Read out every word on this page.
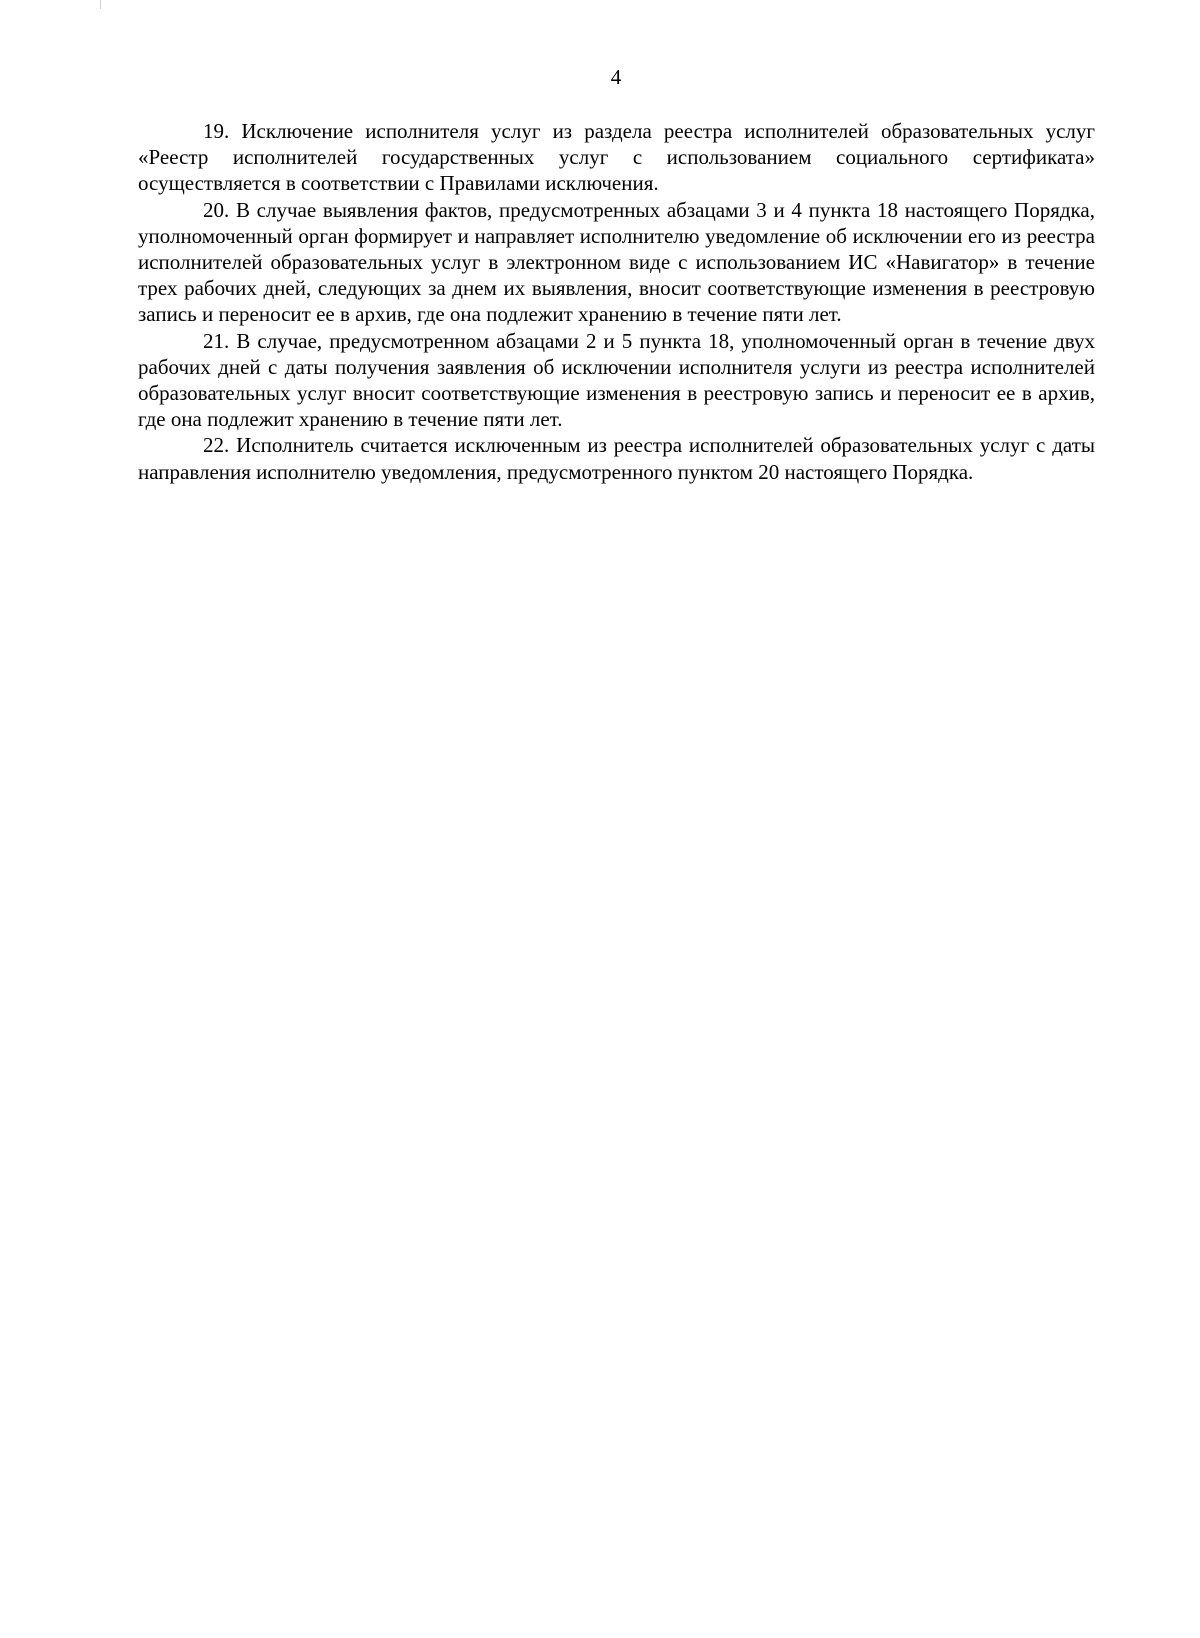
4

19. Исключение исполнителя услуг из раздела реестра исполнителей образовательных услуг «Реестр исполнителей государственных услуг с использованием социального сертификата» осуществляется в соответствии с Правилами исключения.

20. В случае выявления фактов, предусмотренных абзацами 3 и 4 пункта 18 настоящего Порядка, уполномоченный орган формирует и направляет исполнителю уведомление об исключении его из реестра исполнителей образовательных услуг в электронном виде с использованием ИС «Навигатор» в течение трех рабочих дней, следующих за днем их выявления, вносит соответствующие изменения в реестровую запись и переносит ее в архив, где она подлежит хранению в течение пяти лет.

21. В случае, предусмотренном абзацами 2 и 5 пункта 18, уполномоченный орган в течение двух рабочих дней с даты получения заявления об исключении исполнителя услуги из реестра исполнителей образовательных услуг вносит соответствующие изменения в реестровую запись и переносит ее в архив, где она подлежит хранению в течение пяти лет.

22. Исполнитель считается исключенным из реестра исполнителей образовательных услуг с даты направления исполнителю уведомления, предусмотренного пунктом 20 настоящего Порядка.
